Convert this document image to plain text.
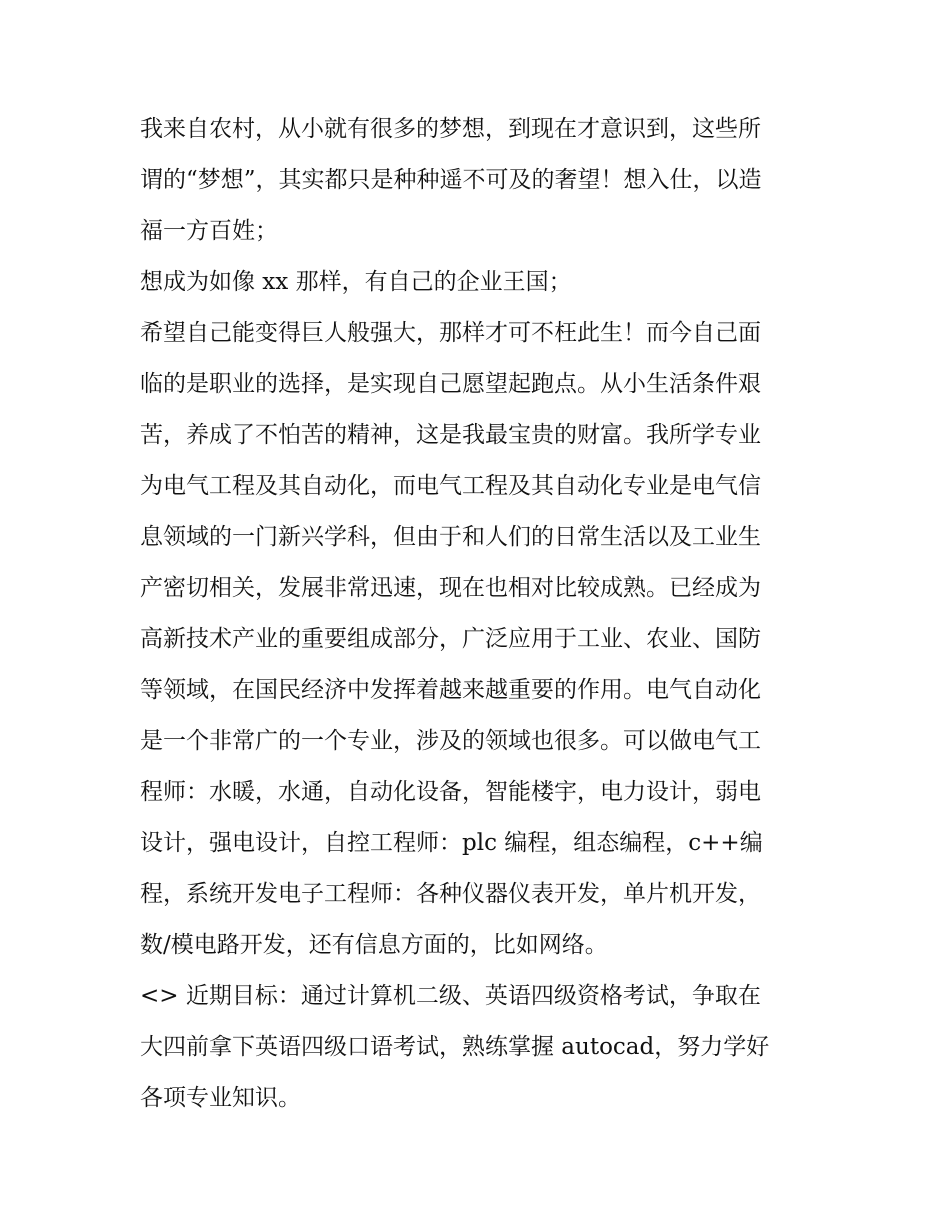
我来自农村，从小就有很多的梦想，到现在才意识到，这些所
谓的“梦想”，其实都只是种种遥不可及的奢望！想入仕，以造
福一方百姓；
想成为如像 xx 那样，有自己的企业王国；
希望自己能变得巨人般强大，那样才可不枉此生！而今自己面
临的是职业的选择，是实现自己愿望起跑点。从小生活条件艰
苦，养成了不怕苦的精神，这是我最宝贵的财富。我所学专业
为电气工程及其自动化，而电气工程及其自动化专业是电气信
息领域的一门新兴学科，但由于和人们的日常生活以及工业生
产密切相关，发展非常迅速，现在也相对比较成熟。已经成为
高新技术产业的重要组成部分，广泛应用于工业、农业、国防
等领域，在国民经济中发挥着越来越重要的作用。电气自动化
是一个非常广的一个专业，涉及的领域也很多。可以做电气工
程师：水暖，水通，自动化设备，智能楼宇，电力设计，弱电
设计，强电设计，自控工程师：plc 编程，组态编程，c++编
程，系统开发电子工程师：各种仪器仪表开发，单片机开发，
数/模电路开发，还有信息方面的，比如网络。
<> 近期目标：通过计算机二级、英语四级资格考试，争取在
大四前拿下英语四级口语考试，熟练掌握 autocad，努力学好
各项专业知识。
